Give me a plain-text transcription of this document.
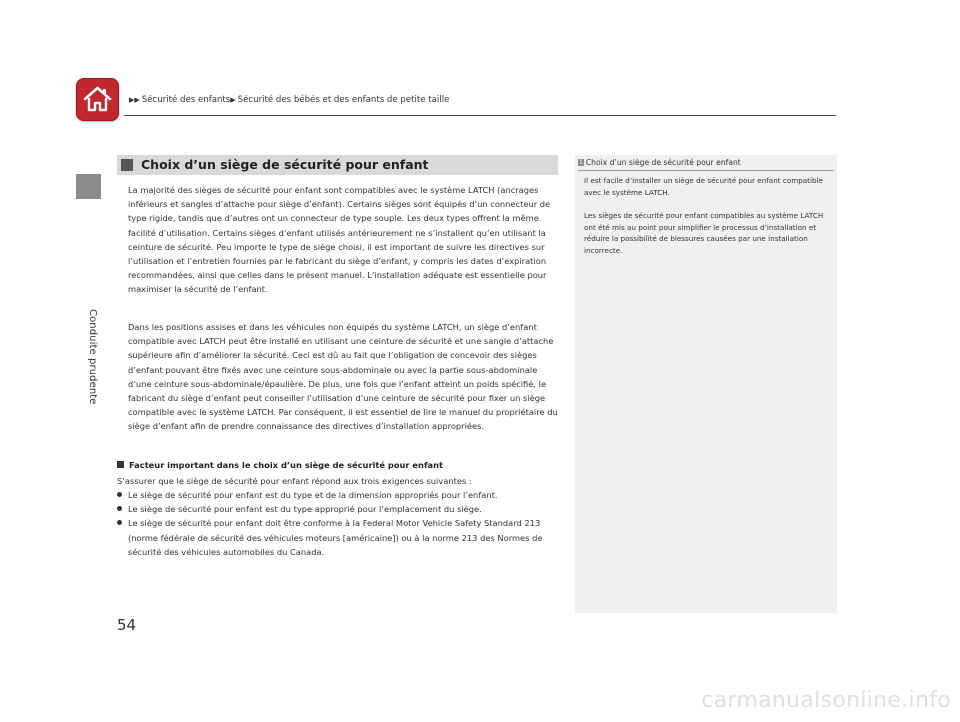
Conduite prudente
▶▶ Sécurité des enfants▶ Sécurité des bébés et des enfants de petite taille
Choix d’un siège de sécurité pour enfant

La majorité des sièges de sécurité pour enfant sont compatibles avec le système LATCH (ancrages inférieurs et sangles d’attache pour siège d’enfant). Certains sièges sont équipés d’un connecteur de type rigide, tandis que d’autres ont un connecteur de type souple. Les deux types offrent la même facilité d’utilisation. Certains sièges d’enfant utilisés antérieurement ne s’installent qu’en utilisant la ceinture de sécurité. Peu importe le type de siège choisi, il est important de suivre les directives sur l’utilisation et l’entretien fournies par le fabricant du siège d’enfant, y compris les dates d’expiration recommandées, ainsi que celles dans le présent manuel. L’installation adéquate est essentielle pour maximiser la sécurité de l’enfant.

Dans les positions assises et dans les véhicules non équipés du système LATCH, un siège d’enfant compatible avec LATCH peut être installé en utilisant une ceinture de sécurité et une sangle d’attache supérieure afin d’améliorer la sécurité. Ceci est dû au fait que l’obligation de concevoir des sièges d’enfant pouvant être fixés avec une ceinture sous-abdominale ou avec la partie sous-abdominale d’une ceinture sous-abdominale/épaulière. De plus, une fois que l’enfant atteint un poids spécifié, le fabricant du siège d’enfant peut conseiller l’utilisation d’une ceinture de sécurité pour fixer un siège compatible avec le système LATCH. Par conséquent, il est essentiel de lire le manuel du propriétaire du siège d’enfant afin de prendre connaissance des directives d’installation appropriées.

Facteur important dans le choix d’un siège de sécurité pour enfant
S’assurer que le siège de sécurité pour enfant répond aux trois exigences suivantes :
Le siège de sécurité pour enfant est du type et de la dimension appropriés pour l’enfant.
Le siège de sécurité pour enfant est du type approprié pour l’emplacement du siège.
Le siège de sécurité pour enfant doit être conforme à la Federal Motor Vehicle Safety Standard 213 (norme fédérale de sécurité des véhicules moteurs [américaine]) ou à la norme 213 des Normes de sécurité des véhicules automobiles du Canada.
1 Choix d’un siège de sécurité pour enfant
Il est facile d’installer un siège de sécurité pour enfant compatible avec le système LATCH.
Les sièges de sécurité pour enfant compatibles au système LATCH ont été mis au point pour simplifier le processus d’installation et réduire la possibilité de blessures causées par une installation incorrecte.
54
carmanualsonline.info
